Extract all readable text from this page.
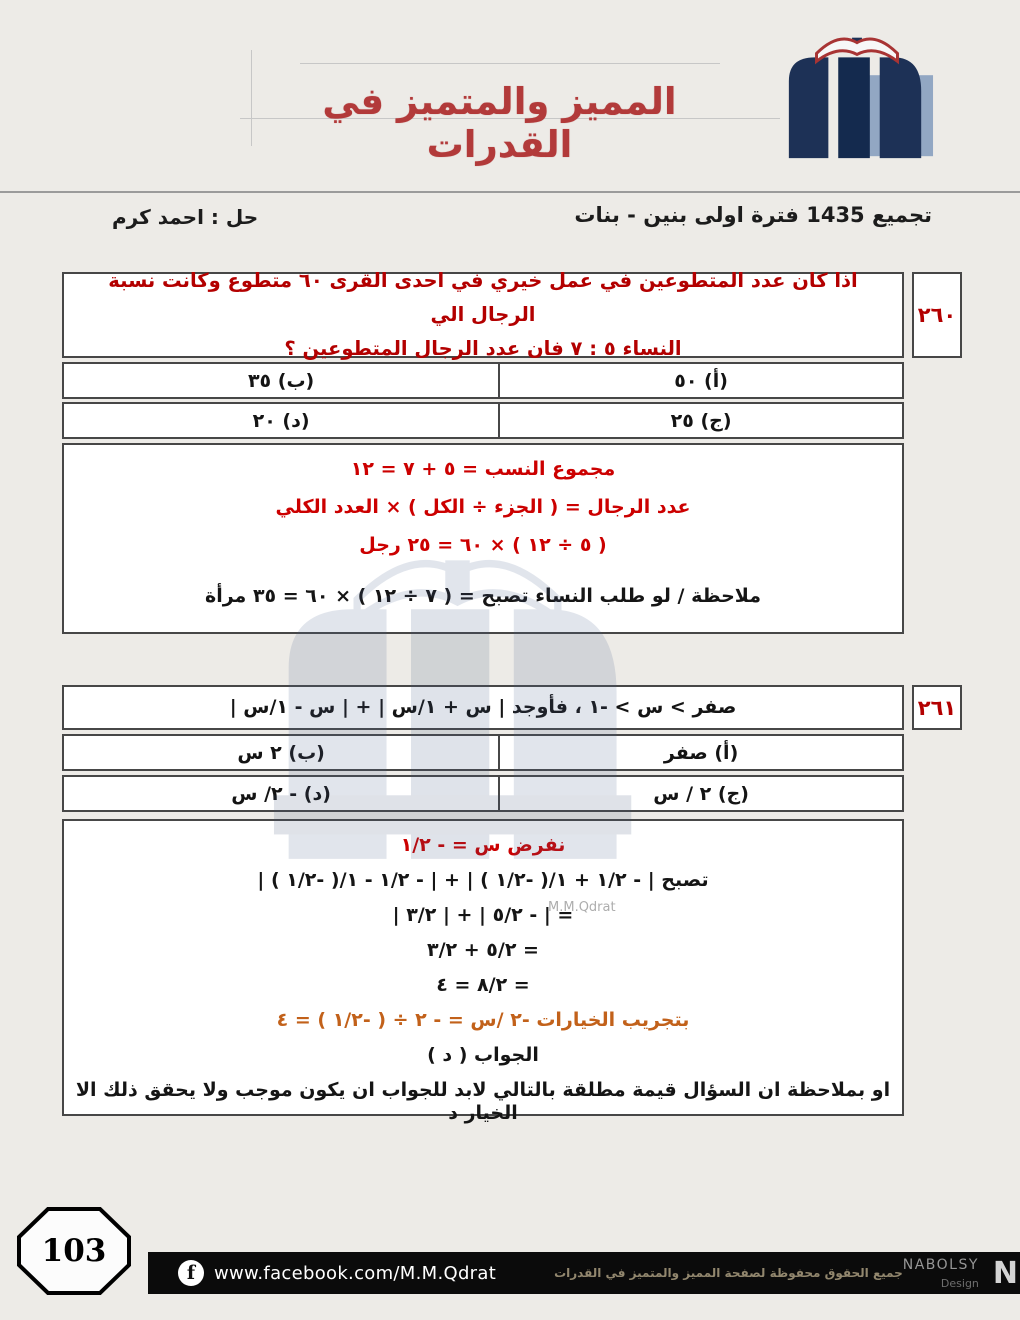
المميز والمتميز في القدرات
تجميع 1435 فترة اولى بنين - بنات
حل : احمد كرم
٢٦٠
اذا كان عدد المتطوعين في عمل خيري في احدى القرى ٦٠ متطوع وكانت نسبة الرجال الي
النساء ٥ : ٧ فان عدد الرجال المتطوعين ؟
(أ) ٥٠
(ب) ٣٥
(ج) ٢٥
(د) ٢٠
مجموع النسب = ٥ + ٧ = ١٢
عدد الرجال = ( الجزء ÷ الكل ) × العدد الكلي
( ٥ ÷ ١٢ ) × ٦٠ = ٢٥ رجل
ملاحظة / لو طلب النساء تصبح = ( ٧ ÷ ١٢ ) × ٦٠ = ٣٥ مرأة
٢٦١
صفر > س > -١ ، فأوجد | س + ١/س | + | س - ١/س |
(أ) صفر
(ب) ٢ س
(ج) ٢ / س
(د) - ٢/ س
نفرض س = - ١/٢
تصبح | - ١/٢ + ١/( -١/٢ ) | + | - ١/٢ - ١/( -١/٢ ) |
= | - ٥/٢ | + | ٣/٢ |
= ٥/٢ + ٣/٢
= ٨/٢ = ٤
بتجريب الخيارات -٢ /س = - ٢ ÷ ( -١/٢ ) = ٤
الجواب ( د )
او بملاحظة ان السؤال قيمة مطلقة بالتالي لابد للجواب ان يكون موجب ولا يحقق ذلك الا الخيار د
M.M.Qdrat
103
f	www.facebook.com/M.M.Qdrat	جميع الحقوق محفوظة لصفحة المميز والمتميز في القدرات NABOLSY
Design N
